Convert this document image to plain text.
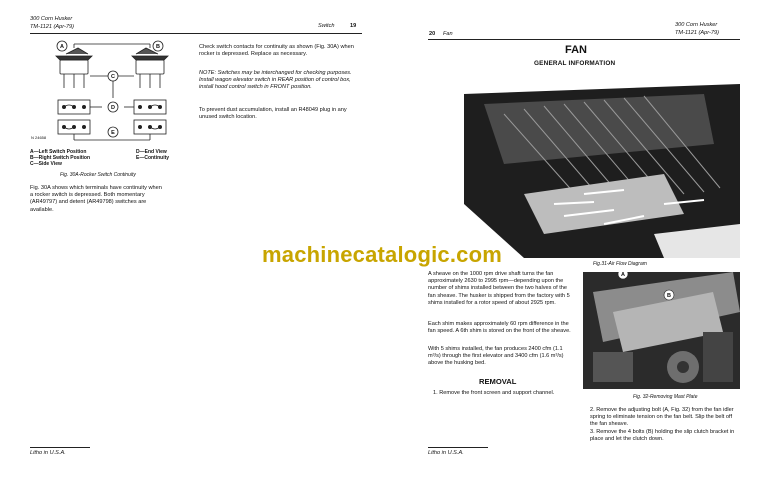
300 Corn Husker
TM-1121 (Apr-79)	Switch	19
A	B
C
D
E
N 24658
A—Left Switch Position
B—Right Switch Position
C—Side View
D—End View
E—Continuity
Fig. 30A-Rocker Switch Continuity
Fig. 30A shows which terminals have continuity when a rocker switch is depressed. Both momentary (AR49797) and detent (AR49798) switches are available.
Check switch contacts for continuity as shown (Fig. 30A) when rocker is depressed. Replace as necessary.
NOTE: Switches may be interchanged for checking purposes. Install wagon elevator switch in REAR position of control box, install hood control switch in FRONT position.
To prevent dust accumulation, install an R48049 plug in any unused switch location.
Litho in U.S.A.
20 Fan
300 Corn Husker
TM-1121 (Apr-79)
FAN
GENERAL INFORMATION
Fig.31-Air Flow Diagram
A
B
Fig. 32-Removing Mast Plate
A sheave on the 1000 rpm drive shaft turns the fan approximately 2630 to 2995 rpm—depending upon the number of shims installed between the two halves of the fan sheave. The husker is shipped from the factory with 5 shims installed for a rotor speed of about 2925 rpm.
Each shim makes approximately 60 rpm difference in the fan speed. A 6th shim is stored on the front of the sheave.
With 5 shims installed, the fan produces 2400 cfm (1.1 m³/s) through the first elevator and 3400 cfm (1.6 m³/s) above the husking bed.
REMOVAL
1. Remove the front screen and support channel.
2. Remove the adjusting bolt (A, Fig. 32) from the fan idler spring to eliminate tension on the fan belt. Slip the belt off the fan sheave.
3. Remove the 4 bolts (B) holding the slip clutch bracket in place and let the clutch down.
Litho in U.S.A.
machinecatalogic.com
